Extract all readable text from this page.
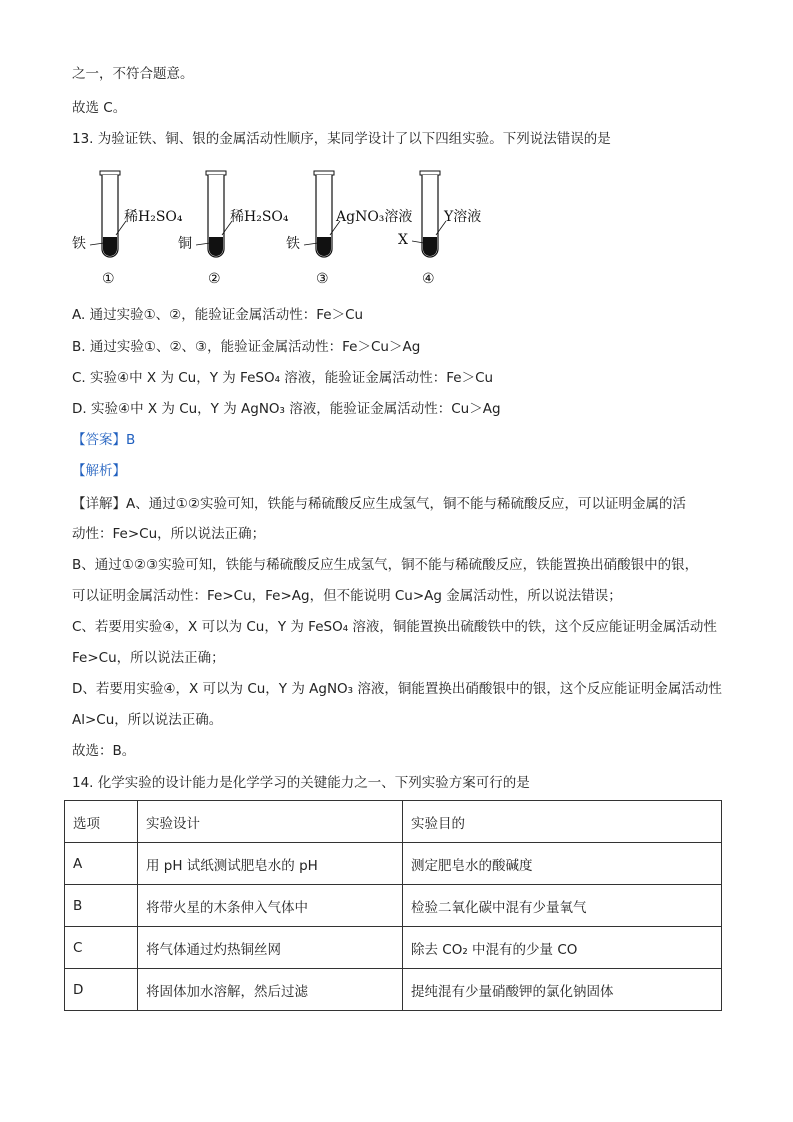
之一，不符合题意。
故选 C。
13. 为验证铁、铜、银的金属活动性顺序，某同学设计了以下四组实验。下列说法错误的是
稀H₂SO₄
铁
①
稀H₂SO₄
铜
②
AgNO₃溶液
铁
③
Y溶液
X
④
A. 通过实验①、②，能验证金属活动性：Fe＞Cu
B. 通过实验①、②、③，能验证金属活动性：Fe＞Cu＞Ag
C. 实验④中 X 为 Cu，Y 为 FeSO₄ 溶液，能验证金属活动性：Fe＞Cu
D. 实验④中 X 为 Cu，Y 为 AgNO₃ 溶液，能验证金属活动性：Cu＞Ag
【答案】B
【解析】
【详解】A、通过①②实验可知，铁能与稀硫酸反应生成氢气，铜不能与稀硫酸反应，可以证明金属的活
动性：Fe>Cu，所以说法正确；
B、通过①②③实验可知，铁能与稀硫酸反应生成氢气，铜不能与稀硫酸反应，铁能置换出硝酸银中的银，
可以证明金属活动性：Fe>Cu，Fe>Ag，但不能说明 Cu>Ag 金属活动性，所以说法错误；
C、若要用实验④，X 可以为 Cu，Y 为 FeSO₄ 溶液，铜能置换出硫酸铁中的铁，这个反应能证明金属活动性
Fe>Cu，所以说法正确；
D、若要用实验④，X 可以为 Cu，Y 为 AgNO₃ 溶液，铜能置换出硝酸银中的银，这个反应能证明金属活动性
Al>Cu，所以说法正确。
故选：B。
14. 化学实验的设计能力是化学学习的关键能力之一、下列实验方案可行的是
选项	实验设计	实验目的
A	用 pH 试纸测试肥皂水的 pH	测定肥皂水的酸碱度
B	将带火星的木条伸入气体中	检验二氧化碳中混有少量氧气
C	将气体通过灼热铜丝网	除去 CO₂ 中混有的少量 CO
D	将固体加水溶解，然后过滤	提纯混有少量硝酸钾的氯化钠固体
